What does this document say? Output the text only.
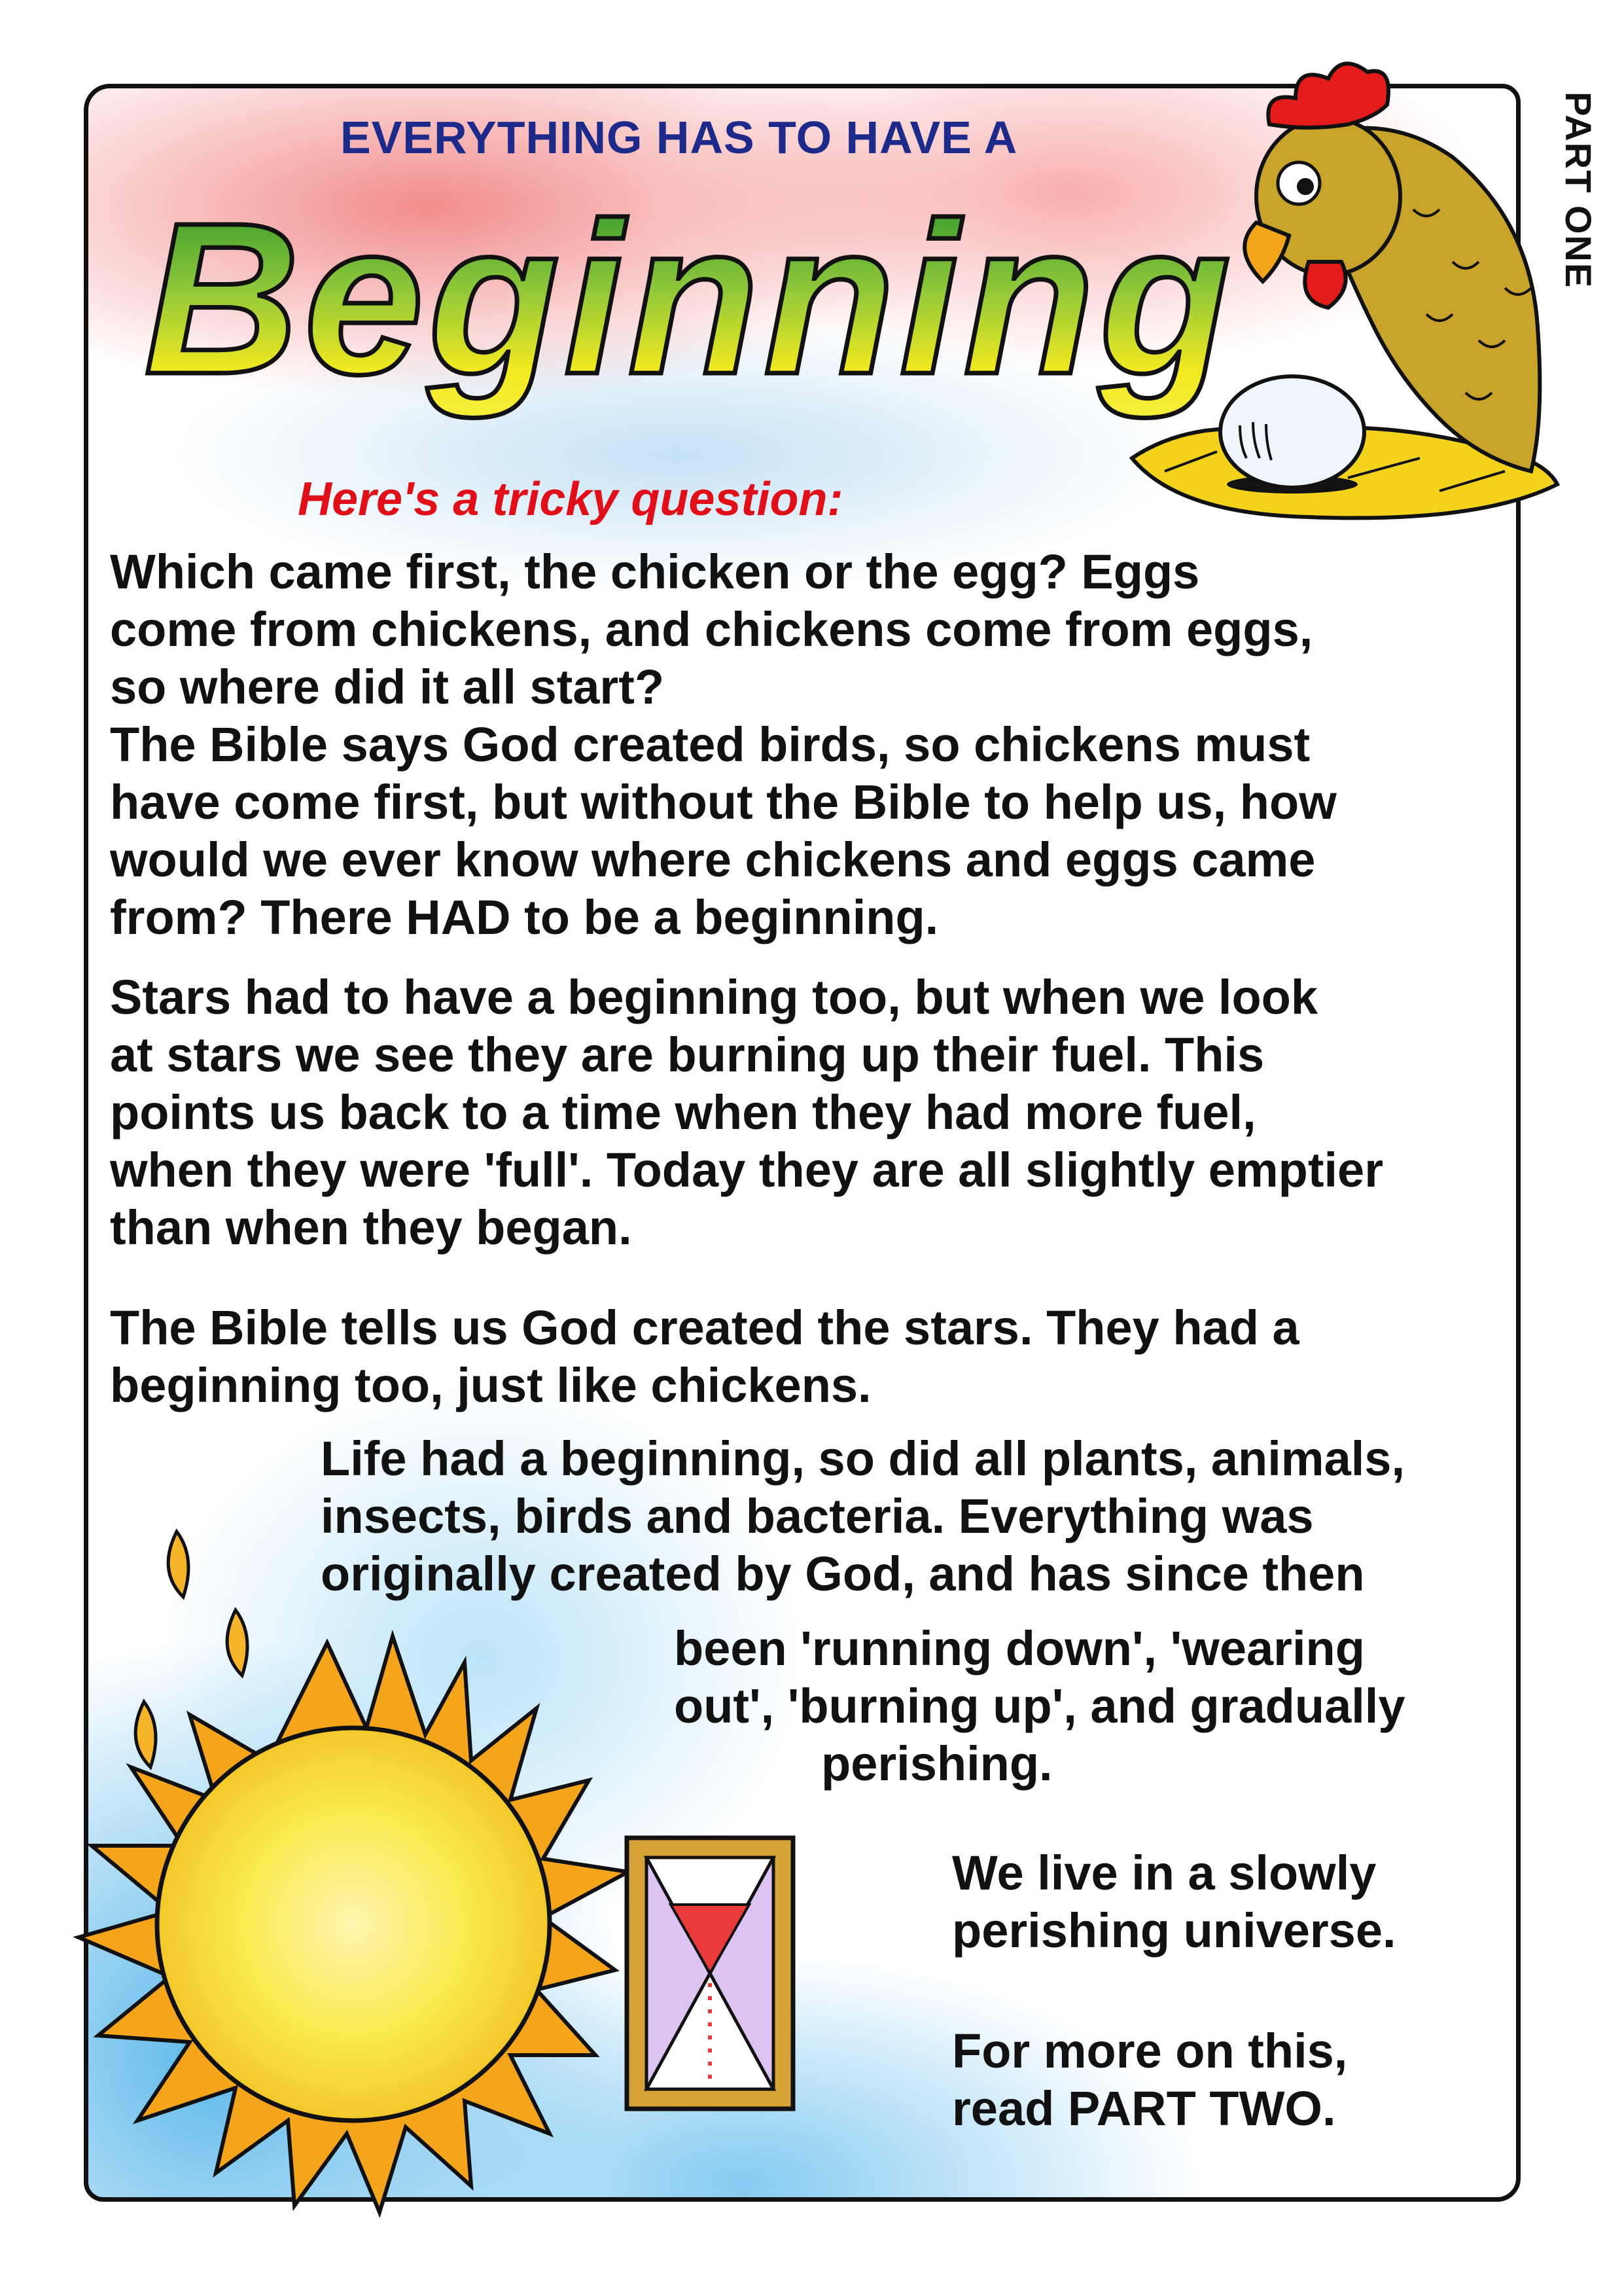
EVERYTHING HAS TO HAVE A	PART ONE
Beginning
Here's a tricky question:

Which came first, the chicken or the egg? Eggs

come from chickens, and chickens come from eggs,

so where did it all start?

The Bible says God created birds, so chickens must

have come first, but without the Bible to help us, how

would we ever know where chickens and eggs came

from? There HAD to be a beginning.

Stars had to have a beginning too, but when we look

at stars we see they are burning up their fuel. This

points us back to a time when they had more fuel,

when they were 'full'. Today they are all slightly emptier

than when they began.

The Bible tells us God created the stars. They had a

beginning too, just like chickens.

Life had a beginning, so did all plants, animals,

insects, birds and bacteria. Everything was

originally created by God, and has since then

been 'running down', 'wearing

out', 'burning up', and gradually

perishing.

We live in a slowly

perishing universe.

For more on this,

read PART TWO.
